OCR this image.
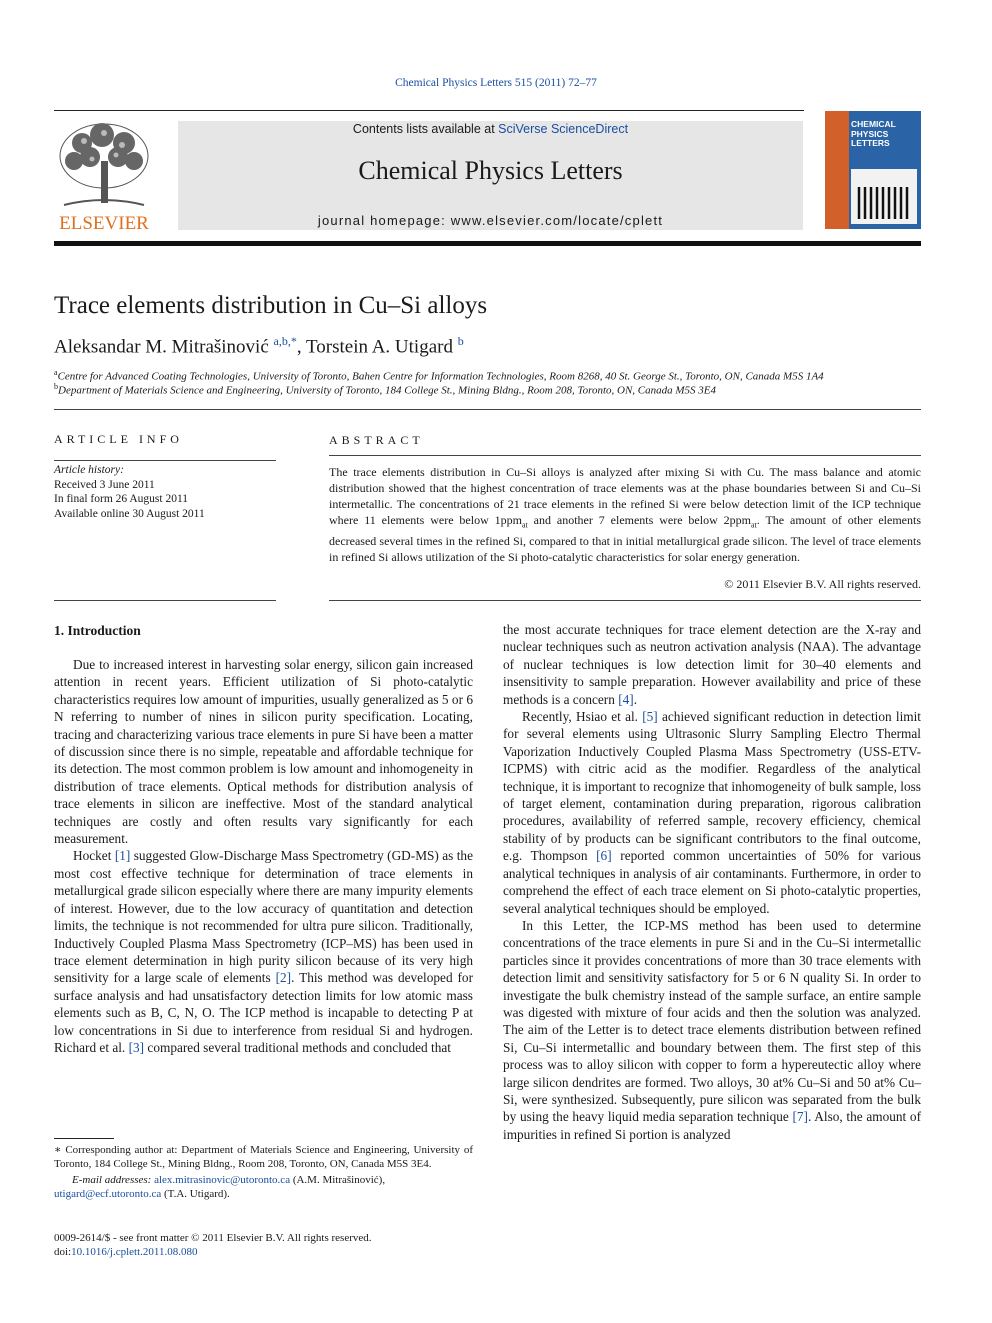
Chemical Physics Letters 515 (2011) 72–77
ELSEVIER
Contents lists available at SciVerse ScienceDirect
Chemical Physics Letters
journal homepage: www.elsevier.com/locate/cplett
CHEMICAL
PHYSICS
LETTERS
Trace elements distribution in Cu–Si alloys
Aleksandar M. Mitrašinović $^{a,b,*}$, Torstein A. Utigard $^b$
$^a$Centre for Advanced Coating Technologies, University of Toronto, Bahen Centre for Information Technologies, Room 8268, 40 St. George St., Toronto, ON, Canada M5S 1A4
$^b$Department of Materials Science and Engineering, University of Toronto, 184 College St., Mining Bldng., Room 208, Toronto, ON, Canada M5S 3E4
ARTICLE INFO
Article history:
Received 3 June 2011
In final form 26 August 2011
Available online 30 August 2011
ABSTRACT
The trace elements distribution in Cu–Si alloys is analyzed after mixing Si with Cu. The mass balance and atomic distribution showed that the highest concentration of trace elements was at the phase boundaries between Si and Cu–Si intermetallic. The concentrations of 21 trace elements in the refined Si were below detection limit of the ICP technique where 11 elements were below 1ppm$_{at}$ and another 7 elements were below 2ppm$_{at}$. The amount of other elements decreased several times in the refined Si, compared to that in initial metallurgical grade silicon. The level of trace elements in refined Si allows utilization of the Si photo-catalytic characteristics for solar energy generation.
© 2011 Elsevier B.V. All rights reserved.
1. Introduction

Due to increased interest in harvesting solar energy, silicon gain increased attention in recent years. Efficient utilization of Si photo-catalytic characteristics requires low amount of impurities, usually generalized as 5 or 6 N referring to number of nines in silicon purity specification. Locating, tracing and characterizing various trace elements in pure Si have been a matter of discussion since there is no simple, repeatable and affordable technique for its detection. The most common problem is low amount and inhomogeneity in distribution of trace elements. Optical methods for distribution analysis of trace elements in silicon are ineffective. Most of the standard analytical techniques are costly and often results vary significantly for each measurement.

Hocket [1] suggested Glow-Discharge Mass Spectrometry (GD-MS) as the most cost effective technique for determination of trace elements in metallurgical grade silicon especially where there are many impurity elements of interest. However, due to the low accuracy of quantitation and detection limits, the technique is not recommended for ultra pure silicon. Traditionally, Inductively Coupled Plasma Mass Spectrometry (ICP–MS) has been used in trace element determination in high purity silicon because of its very high sensitivity for a large scale of elements [2]. This method was developed for surface analysis and had unsatisfactory detection limits for low atomic mass elements such as B, C, N, O. The ICP method is incapable to detecting P at low concentrations in Si due to interference from residual Si and hydrogen. Richard et al. [3] compared several traditional methods and concluded that

the most accurate techniques for trace element detection are the X-ray and nuclear techniques such as neutron activation analysis (NAA). The advantage of nuclear techniques is low detection limit for 30–40 elements and insensitivity to sample preparation. However availability and price of these methods is a concern [4].

Recently, Hsiao et al. [5] achieved significant reduction in detection limit for several elements using Ultrasonic Slurry Sampling Electro Thermal Vaporization Inductively Coupled Plasma Mass Spectrometry (USS-ETV-ICPMS) with citric acid as the modifier. Regardless of the analytical technique, it is important to recognize that inhomogeneity of bulk sample, loss of target element, contamination during preparation, rigorous calibration procedures, availability of referred sample, recovery efficiency, chemical stability of by products can be significant contributors to the final outcome, e.g. Thompson [6] reported common uncertainties of 50% for various analytical techniques in analysis of air contaminants. Furthermore, in order to comprehend the effect of each trace element on Si photo-catalytic properties, several analytical techniques should be employed.

In this Letter, the ICP-MS method has been used to determine concentrations of the trace elements in pure Si and in the Cu–Si intermetallic particles since it provides concentrations of more than 30 trace elements with detection limit and sensitivity satisfactory for 5 or 6 N quality Si. In order to investigate the bulk chemistry instead of the sample surface, an entire sample was digested with mixture of four acids and then the solution was analyzed. The aim of the Letter is to detect trace elements distribution between refined Si, Cu–Si intermetallic and boundary between them. The first step of this process was to alloy silicon with copper to form a hypereutectic alloy where large silicon dendrites are formed. Two alloys, 30 at% Cu–Si and 50 at% Cu–Si, were synthesized. Subsequently, pure silicon was separated from the bulk by using the heavy liquid media separation technique [7]. Also, the amount of impurities in refined Si portion is analyzed

∗ Corresponding author at: Department of Materials Science and Engineering, University of Toronto, 184 College St., Mining Bldng., Room 208, Toronto, ON, Canada M5S 3E4.
E-mail addresses: alex.mitrasinovic@utoronto.ca (A.M. Mitrašinović), utigard@ecf.utoronto.ca (T.A. Utigard).
0009-2614/$ - see front matter © 2011 Elsevier B.V. All rights reserved.
doi:10.1016/j.cplett.2011.08.080
